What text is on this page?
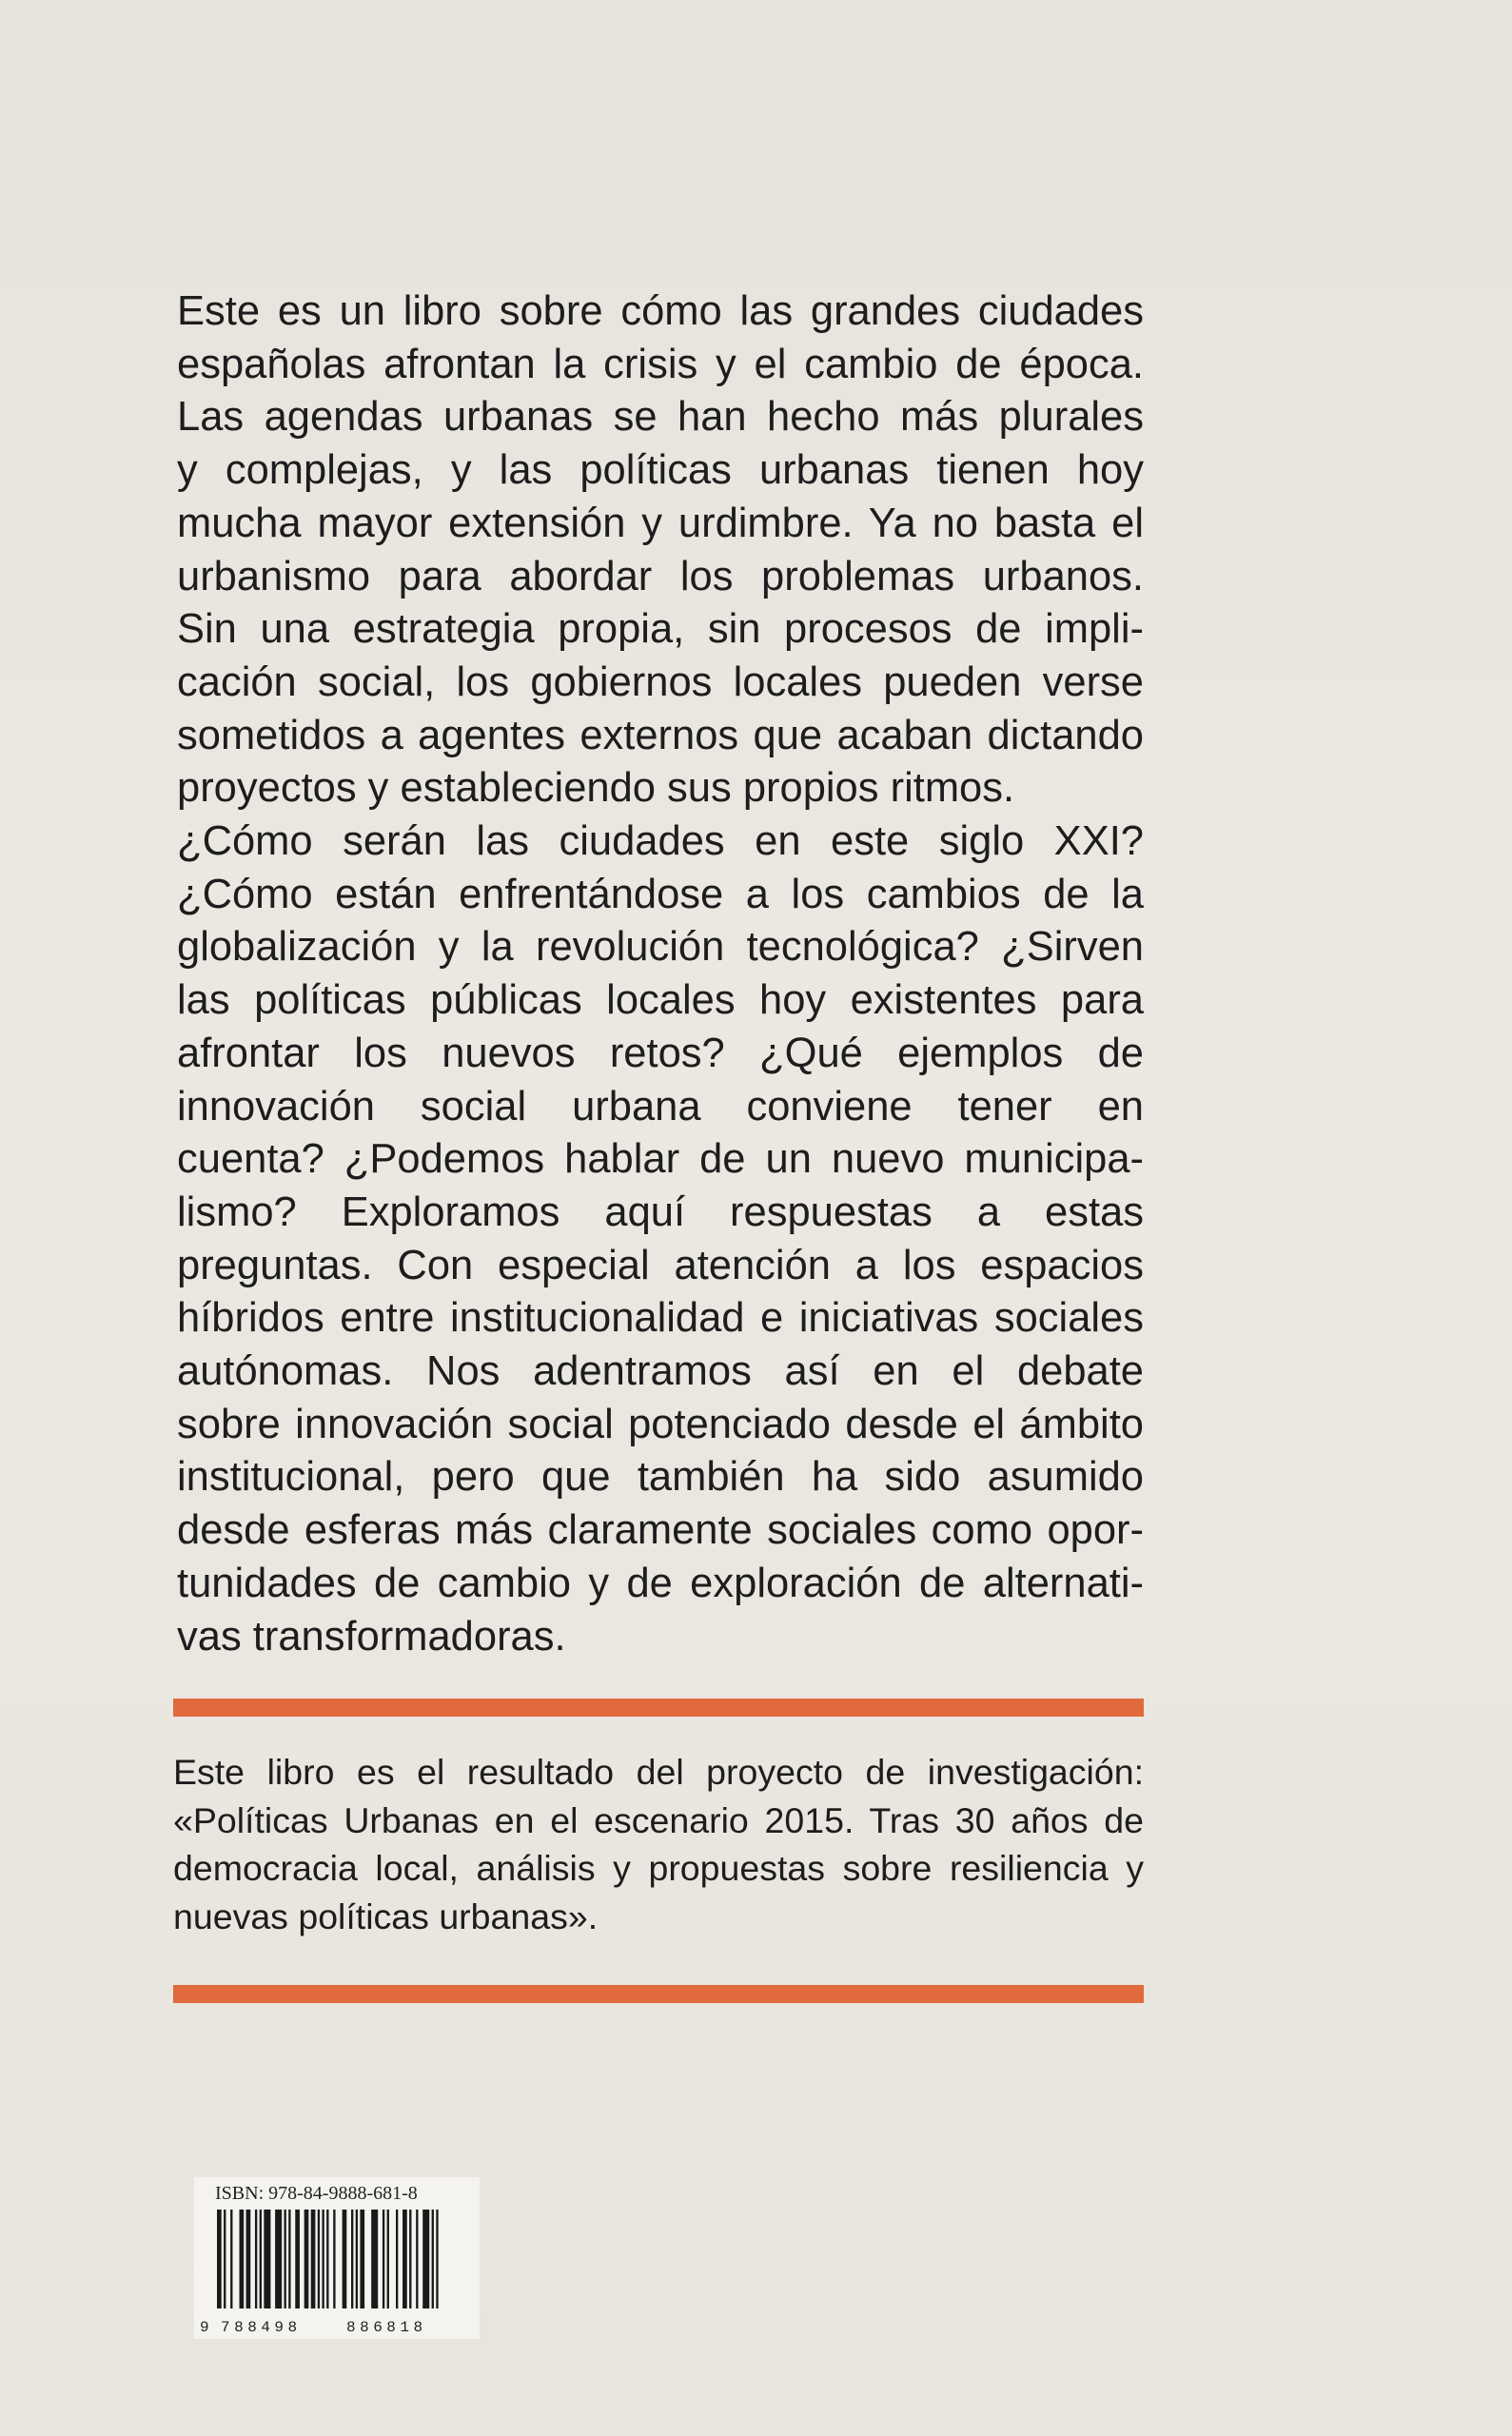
Este es un libro sobre cómo las grandes ciudades
españolas afrontan la crisis y el cambio de época.
Las agendas urbanas se han hecho más plurales
y complejas, y las políticas urbanas tienen hoy
mucha mayor extensión y urdimbre. Ya no basta el
urbanismo para abordar los problemas urbanos.
Sin una estrategia propia, sin procesos de impli-
cación social, los gobiernos locales pueden verse
sometidos a agentes externos que acaban dictando
proyectos y estableciendo sus propios ritmos.
¿Cómo serán las ciudades en este siglo XXI?
¿Cómo están enfrentándose a los cambios de la
globalización y la revolución tecnológica? ¿Sirven
las políticas públicas locales hoy existentes para
afrontar los nuevos retos? ¿Qué ejemplos de
innovación social urbana conviene tener en
cuenta? ¿Podemos hablar de un nuevo municipa-
lismo? Exploramos aquí respuestas a estas
preguntas. Con especial atención a los espacios
híbridos entre institucionalidad e iniciativas sociales
autónomas. Nos adentramos así en el debate
sobre innovación social potenciado desde el ámbito
institucional, pero que también ha sido asumido
desde esferas más claramente sociales como opor-
tunidades de cambio y de exploración de alternati-
vas transformadoras.
Este libro es el resultado del proyecto de investigación:
«Políticas Urbanas en el escenario 2015. Tras 30 años de
democracia local, análisis y propuestas sobre resiliencia y
nuevas políticas urbanas».
ISBN: 978-84-9888-681-8
9 788498	886818
